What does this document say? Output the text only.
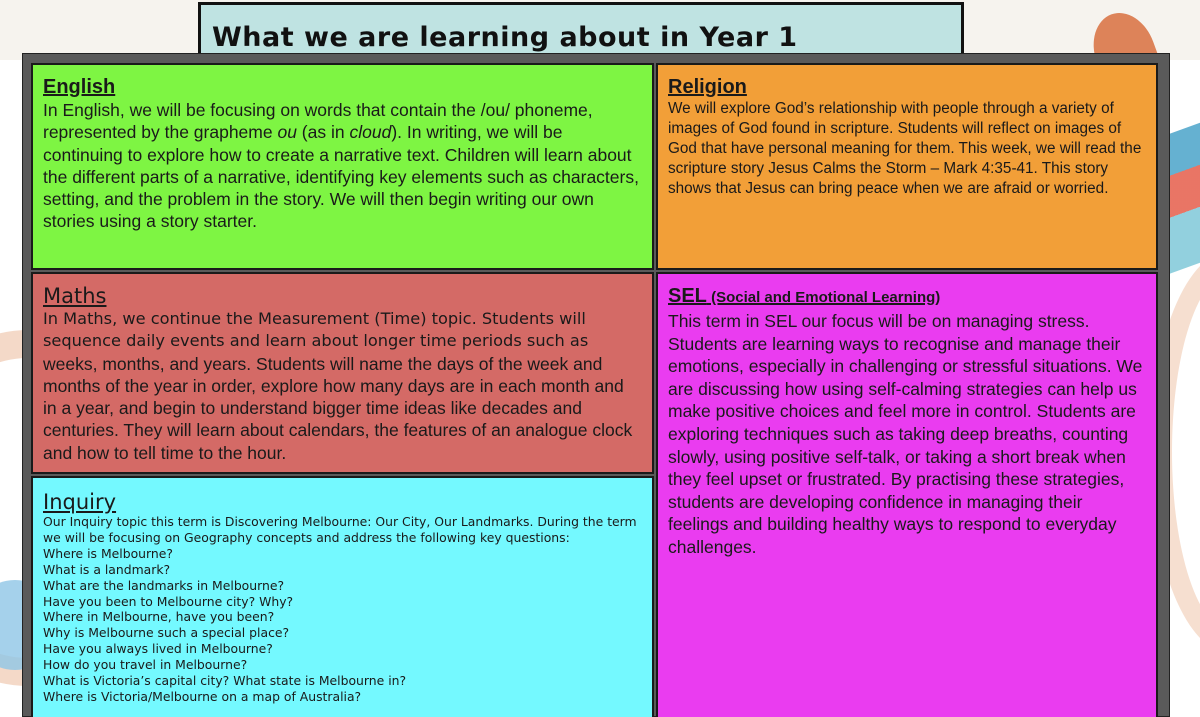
What we are learning about in Year 1
English
In English, we will be focusing on words that contain the /ou/ phoneme, represented by the grapheme ou (as in cloud). In writing, we will be continuing to explore how to create a narrative text. Children will learn about the different parts of a narrative, identifying key elements such as characters, setting, and the problem in the story. We will then begin writing our own stories using a story starter.
Religion
We will explore God’s relationship with people through a variety of images of God found in scripture. Students will reflect on images of God that have personal meaning for them. This week, we will read the scripture story Jesus Calms the Storm – Mark 4:35-41. This story shows that Jesus can bring peace when we are afraid or worried.
Maths
In Maths, we continue the Measurement (Time) topic. Students will sequence daily events and learn about longer time periods such as
weeks, months, and years. Students will name the days of the week and months of the year in order, explore how many days are in each month and in a year, and begin to understand bigger time ideas like decades and centuries. They will learn about calendars, the features of an analogue clock and how to tell time to the hour.
SEL (Social and Emotional Learning)
This term in SEL our focus will be on managing stress. Students are learning ways to recognise and manage their emotions, especially in challenging or stressful situations. We are discussing how using self-calming strategies can help us make positive choices and feel more in control. Students are exploring techniques such as taking deep breaths, counting slowly, using positive self-talk, or taking a short break when they feel upset or frustrated. By practising these strategies, students are developing confidence in managing their feelings and building healthy ways to respond to everyday challenges.
Inquiry
Our Inquiry topic this term is Discovering Melbourne: Our City, Our Landmarks. During the term we will be focusing on Geography concepts and address the following key questions:
Where is Melbourne?
What is a landmark?
What are the landmarks in Melbourne?
Have you been to Melbourne city? Why?
Where in Melbourne, have you been?
Why is Melbourne such a special place?
Have you always lived in Melbourne?
How do you travel in Melbourne?
What is Victoria’s capital city? What state is Melbourne in?
Where is Victoria/Melbourne on a map of Australia?
